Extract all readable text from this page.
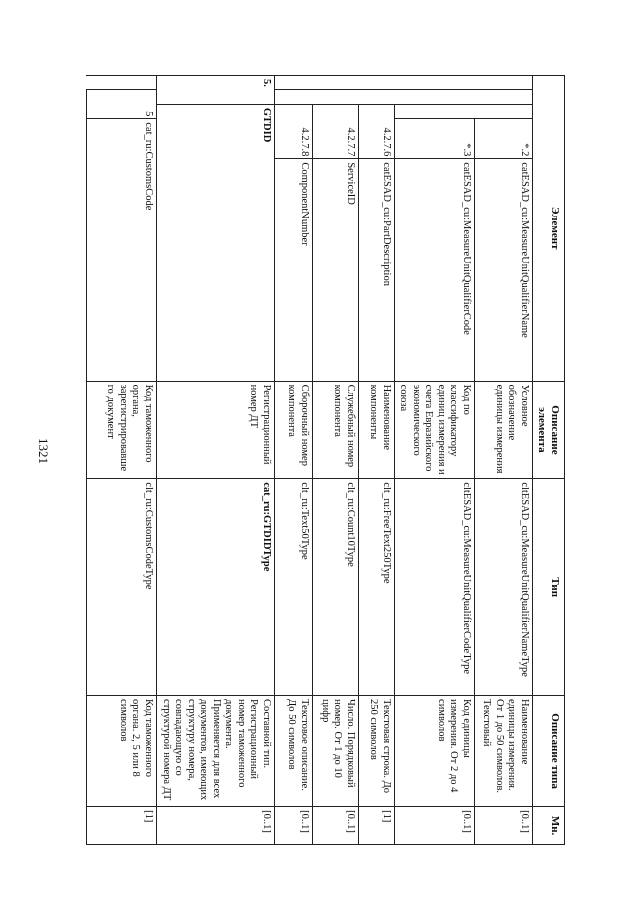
1321
Элемент					Описание элемента	Тип	Описание типа	Мн.
			*.2	catESAD_cu:MeasureUnitQualifierName	Условное обозначение единицы измерения	cltESAD_cu:MeasureUnitQualifierNameType	Наименование единицы измерения. От 1 до 50 символов. Текстовый	[0..1]
			*.3	catESAD_cu:MeasureUnitQualifierCode	Код по классификатору единиц измерения и счета Евразийского экономического союза	cltESAD_cu:MeasureUnitQualifierCodeType	Код единицы измерения. От 2 до 4 символов	[0..1]
		4.2.7.6		catESAD_cu:PartDescription	Наименование компоненты	clt_ru:FreeText250Type	Текстовая строка. До 250 символов	[1]
		4.2.7.7		ServiceID	Служебный номер компонента	clt_ru:Count10Type	Число. Порядковый номер. От 1 до 10 цифр	[0..1]
		4.2.7.8		ComponentNumber	Сборочный номер компонента	clt_ru:Text50Type	Текстовое описание. До 50 символов	[0..1]
5.		GTDID			Регистрационный номер ДТ	cat_ru:GTDIDType	Составной тип. Регистрационный номер таможенного документа. Применяется для всех документов, имеющих структуру номера, совпадающую со структурой номера ДТ	[0..1]
	5		cat_ru:CustomsCode		Код таможенного органа, зарегистрировавшего документ	clt_ru:CustomsCodeType	Код таможенного органа. 2, 5 или 8 символов	[1]
